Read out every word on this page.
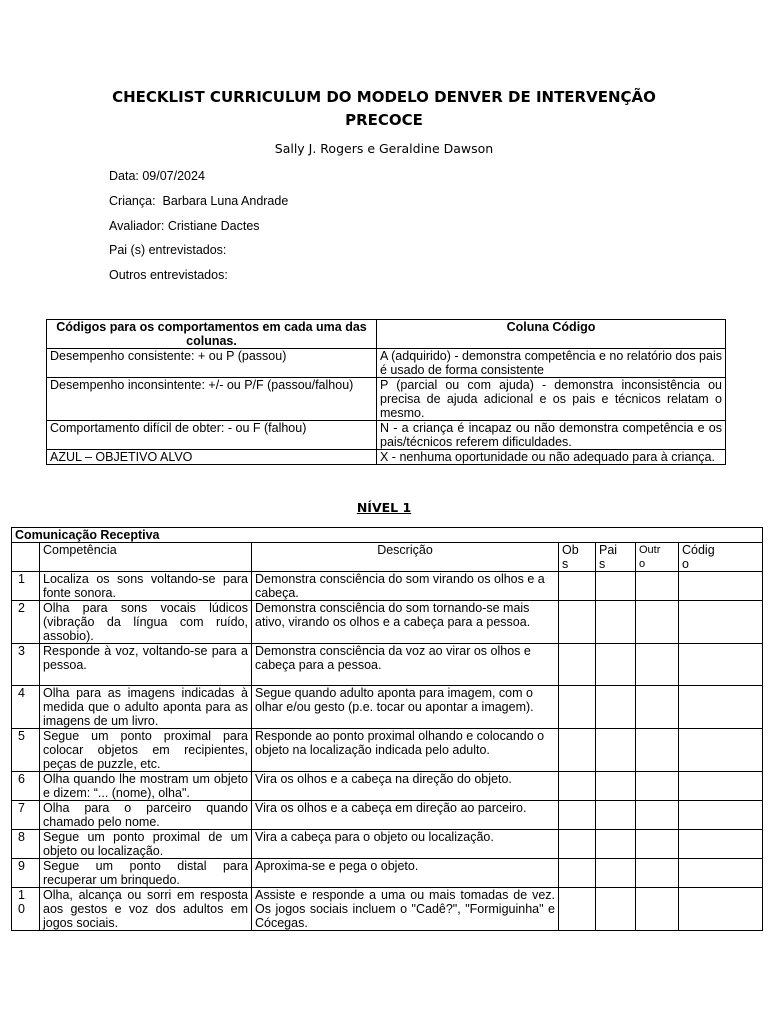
CHECKLIST CURRICULUM DO MODELO DENVER DE INTERVENÇÃO
PRECOCE
Sally J. Rogers e Geraldine Dawson
Data: 09/07/2024
Criança:  Barbara Luna Andrade
Avaliador: Cristiane Dactes
Pai (s) entrevistados:
Outros entrevistados:
Códigos para os comportamentos em cada uma das colunas.	Coluna Código
Desempenho consistente: + ou P (passou)	A (adquirido) - demonstra competência e no relatório dos pais é usado de forma consistente
Desempenho inconsintente: +/- ou P/F (passou/falhou)	P (parcial ou com ajuda) - demonstra inconsistência ou precisa de ajuda adicional e os pais e técnicos relatam o mesmo.
Comportamento difícil de obter: - ou F (falhou)	N - a criança é incapaz ou não demonstra competência e os pais/técnicos referem dificuldades.
AZUL – OBJETIVO ALVO	X - nenhuma oportunidade ou não adequado para à criança.
NÍVEL 1
Comunicação Receptiva						
	Competência	Descrição	Obs	Pais	Outro	Código

1	Localiza os sons voltando-se para fonte sonora.	Demonstra consciência do som virando os olhos e a cabeça.				
2	Olha para sons vocais lúdicos (vibração da língua com ruído, assobio).	Demonstra consciência do som tornando-se mais ativo, virando os olhos e a cabeça para a pessoa.				
3	Responde à voz, voltando-se para a pessoa.	Demonstra consciência da voz ao virar os olhos e cabeça para a pessoa.				
4	Olha para as imagens indicadas à medida que o adulto aponta para as imagens de um livro.	Segue quando adulto aponta para imagem, com o olhar e/ou gesto (p.e. tocar ou apontar a imagem).				
5	Segue um ponto proximal para colocar objetos em recipientes, peças de puzzle, etc.	Responde ao ponto proximal olhando e colocando o objeto na localização indicada pelo adulto.				
6	Olha quando lhe mostram um objeto e dizem: “... (nome), olha".	Vira os olhos e a cabeça na direção do objeto.				
7	Olha para o parceiro quando chamado pelo nome.	Vira os olhos e a cabeça em direção ao parceiro.				
8	Segue um ponto proximal de um objeto ou localização.	Vira a cabeça para o objeto ou localização.				
9	Segue um ponto distal para recuperar um brinquedo.	Aproxima-se e pega o objeto.				

10	Olha, alcança ou sorri em resposta aos gestos e voz dos adultos em jogos sociais.	Assiste e responde a uma ou mais tomadas de vez. Os jogos sociais incluem o "Cadê?", "Formiguinha" e Cócegas.				
